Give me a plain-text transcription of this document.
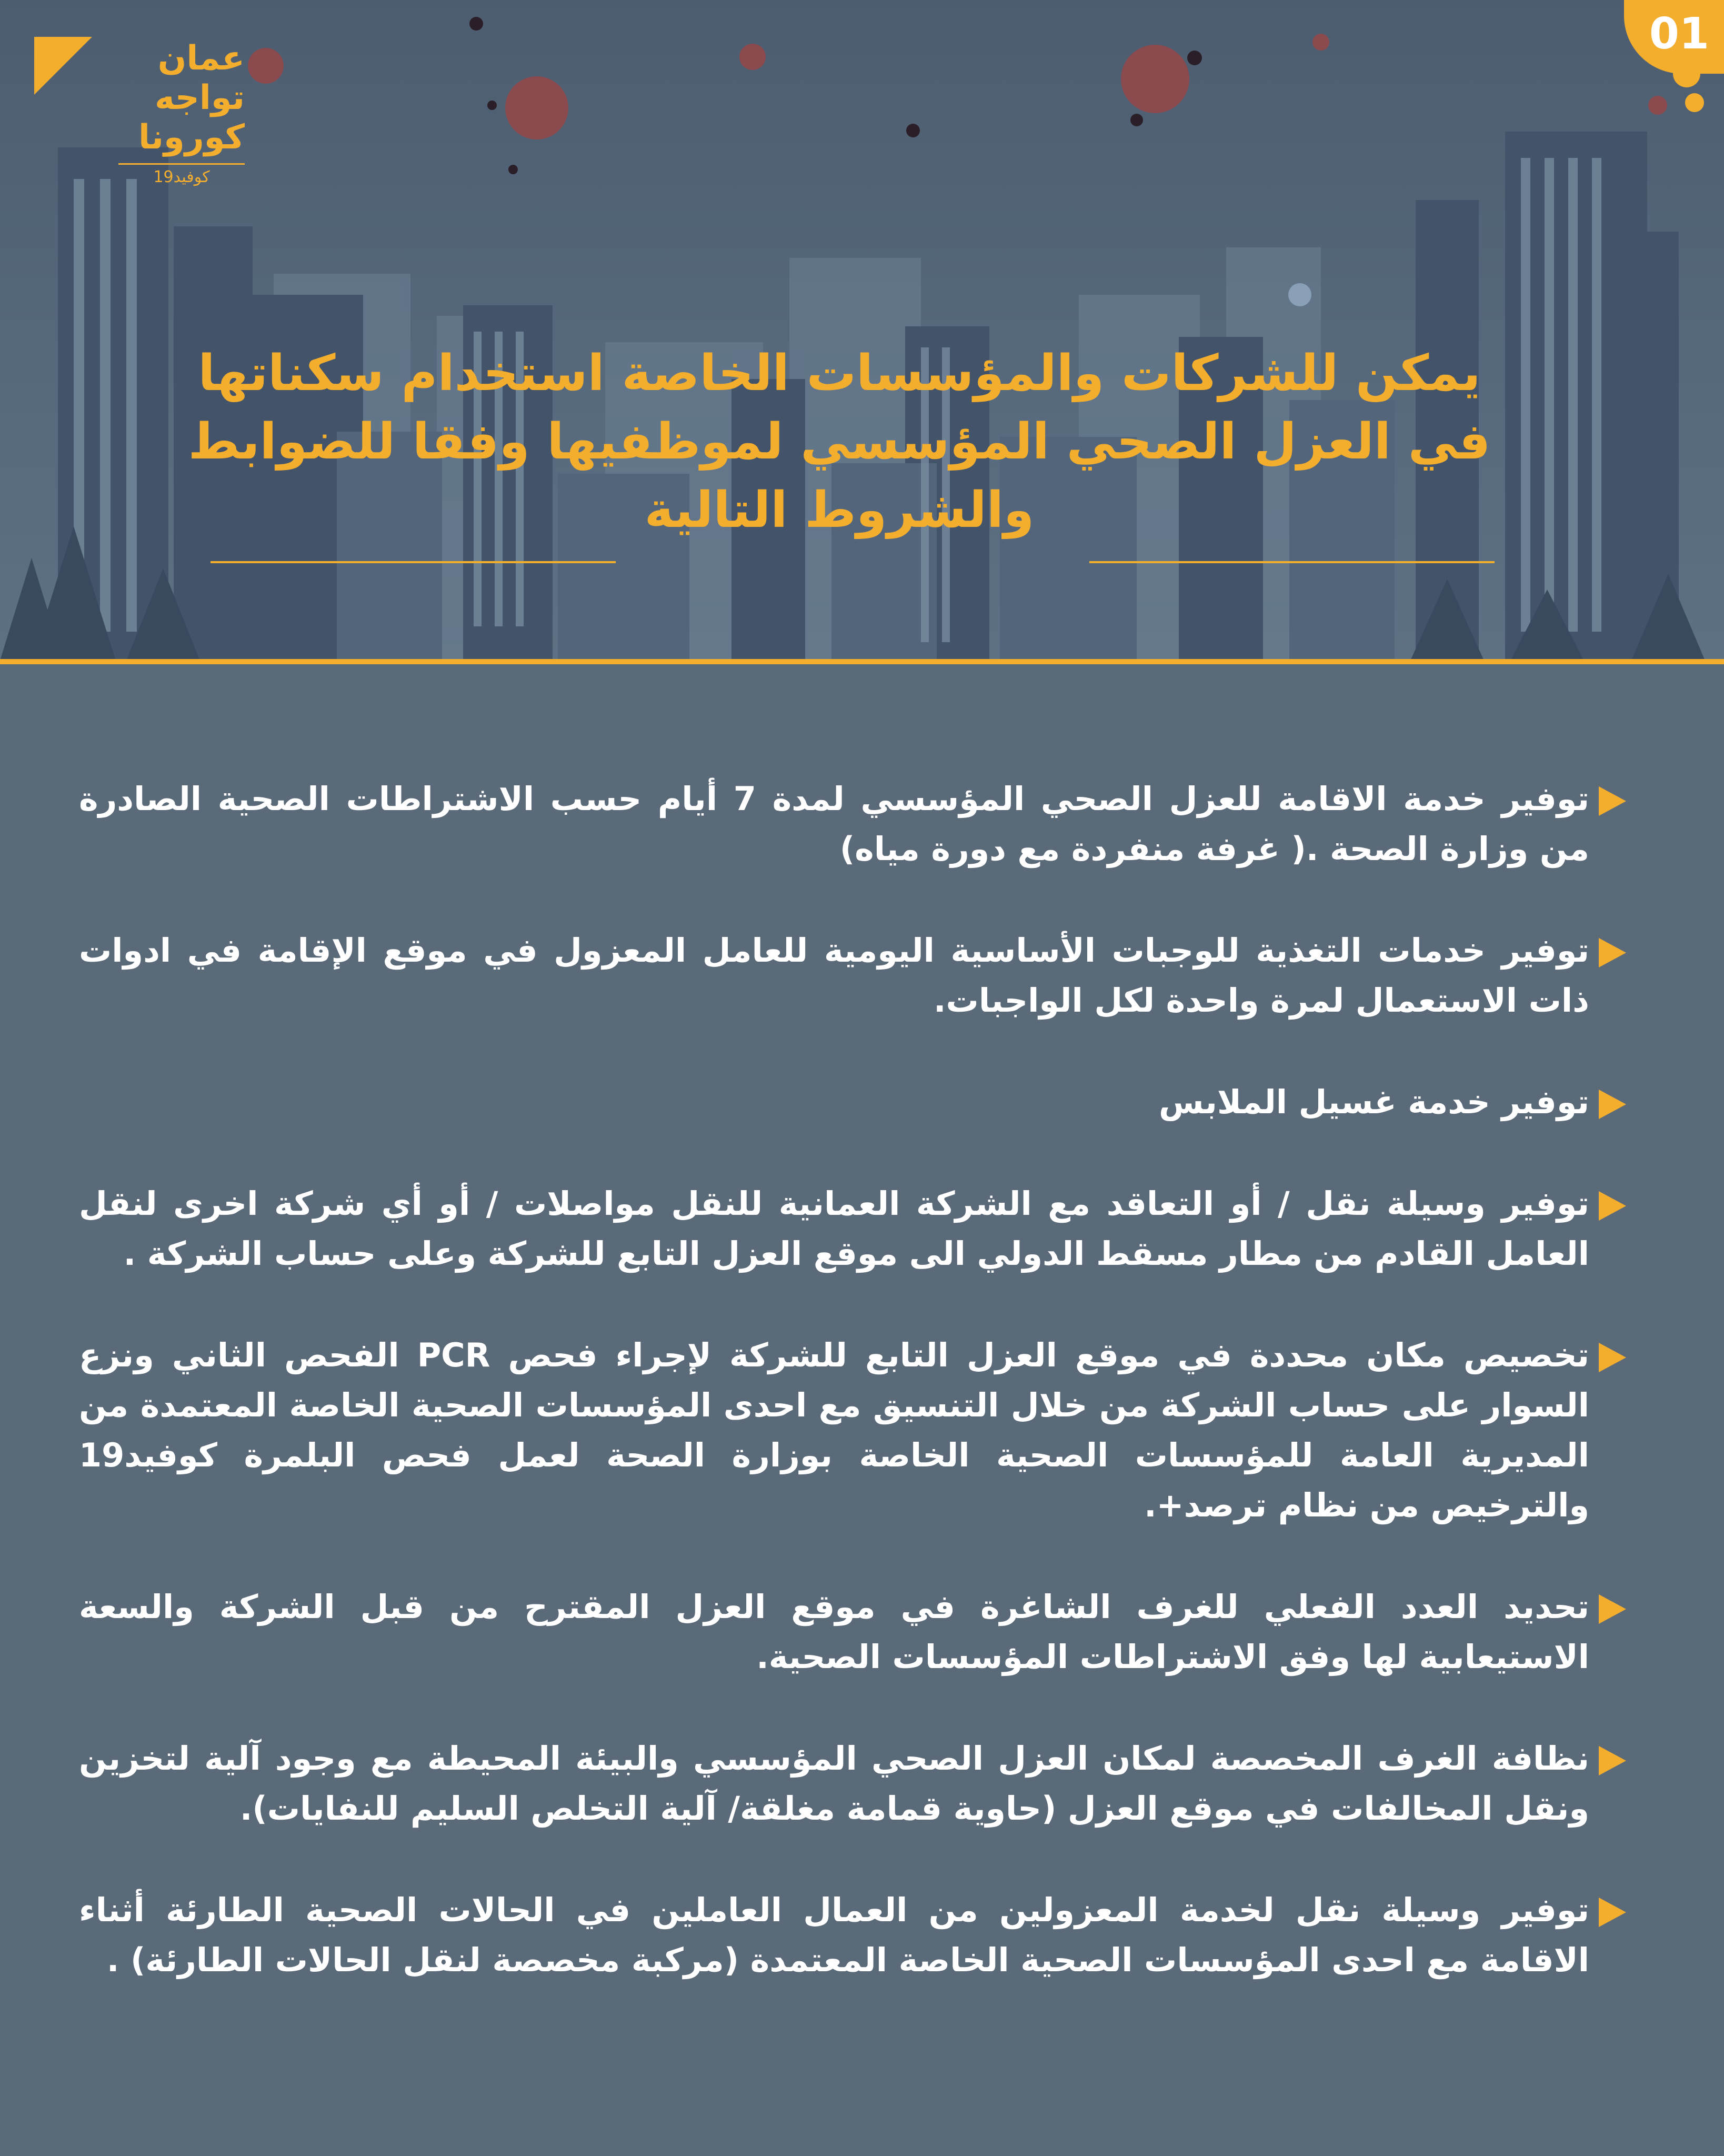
عمان
تواجه
كورونا
كوفيد19
01
يمكن للشركات والمؤسسات الخاصة استخدام سكناتها
في العزل الصحي المؤسسي لموظفيها وفقا للضوابط
والشروط التالية
توفير خدمة الاقامة للعزل الصحي المؤسسي لمدة 7 أيام حسب الاشتراطات الصحية الصادرة من وزارة الصحة .( غرفة منفردة مع دورة مياه)
توفير خدمات التغذية للوجبات الأساسية اليومية للعامل المعزول في موقع الإقامة في ادوات ذات الاستعمال لمرة واحدة لكل الواجبات.
توفير خدمة غسيل الملابس
توفير وسيلة نقل / أو التعاقد مع الشركة العمانية للنقل مواصلات / أو أي شركة اخرى لنقل العامل القادم من مطار مسقط الدولي الى موقع العزل التابع للشركة وعلى حساب الشركة .
تخصيص مكان محددة في موقع العزل التابع للشركة لإجراء فحص PCR الفحص الثاني ونزع السوار على حساب الشركة من خلال التنسيق مع احدى المؤسسات الصحية الخاصة المعتمدة من المديرية العامة للمؤسسات الصحية الخاصة بوزارة الصحة لعمل فحص البلمرة كوفيد19 والترخيص من نظام ترصد+.
تحديد العدد الفعلي للغرف الشاغرة في موقع العزل المقترح من قبل الشركة والسعة الاستيعابية لها وفق الاشتراطات المؤسسات الصحية.
نظافة الغرف المخصصة لمكان العزل الصحي المؤسسي والبيئة المحيطة مع وجود آلية لتخزين ونقل المخالفات في موقع العزل (حاوية قمامة مغلقة/ آلية التخلص السليم للنفايات).
توفير وسيلة نقل لخدمة المعزولين من العمال العاملين في الحالات الصحية الطارئة أثناء الاقامة مع احدى المؤسسات الصحية الخاصة المعتمدة (مركبة مخصصة لنقل الحالات الطارئة) .
